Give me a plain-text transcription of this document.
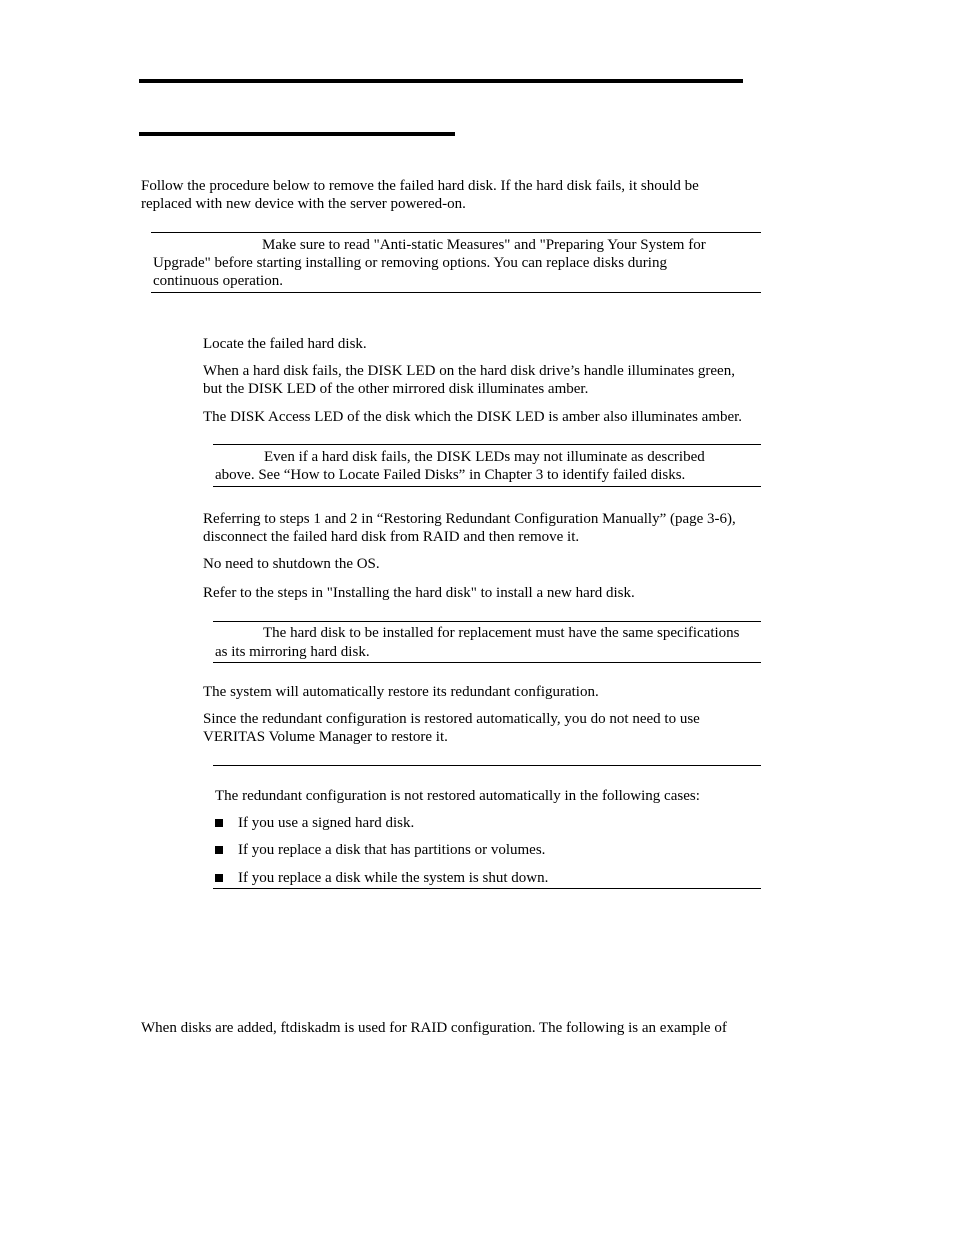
Follow the procedure below to remove the failed hard disk. If the hard disk fails, it should be
replaced with new device with the server powered-on.
Make sure to read "Anti-static Measures" and "Preparing Your System for
Upgrade" before starting installing or removing options. You can replace disks during
continuous operation.
Locate the failed hard disk.
When a hard disk fails, the DISK LED on the hard disk drive’s handle illuminates green,
but the DISK LED of the other mirrored disk illuminates amber.
The DISK Access LED of the disk which the DISK LED is amber also illuminates amber.
Even if a hard disk fails, the DISK LEDs may not illuminate as described
above. See “How to Locate Failed Disks” in Chapter 3 to identify failed disks.
Referring to steps 1 and 2 in “Restoring Redundant Configuration Manually” (page 3-6),
disconnect the failed hard disk from RAID and then remove it.
No need to shutdown the OS.
Refer to the steps in "Installing the hard disk" to install a new hard disk.
The hard disk to be installed for replacement must have the same specifications
as its mirroring hard disk.
The system will automatically restore its redundant configuration.
Since the redundant configuration is restored automatically, you do not need to use
VERITAS Volume Manager to restore it.
The redundant configuration is not restored automatically in the following cases:
If you use a signed hard disk.
If you replace a disk that has partitions or volumes.
If you replace a disk while the system is shut down.
When disks are added, ftdiskadm is used for RAID configuration. The following is an example of
